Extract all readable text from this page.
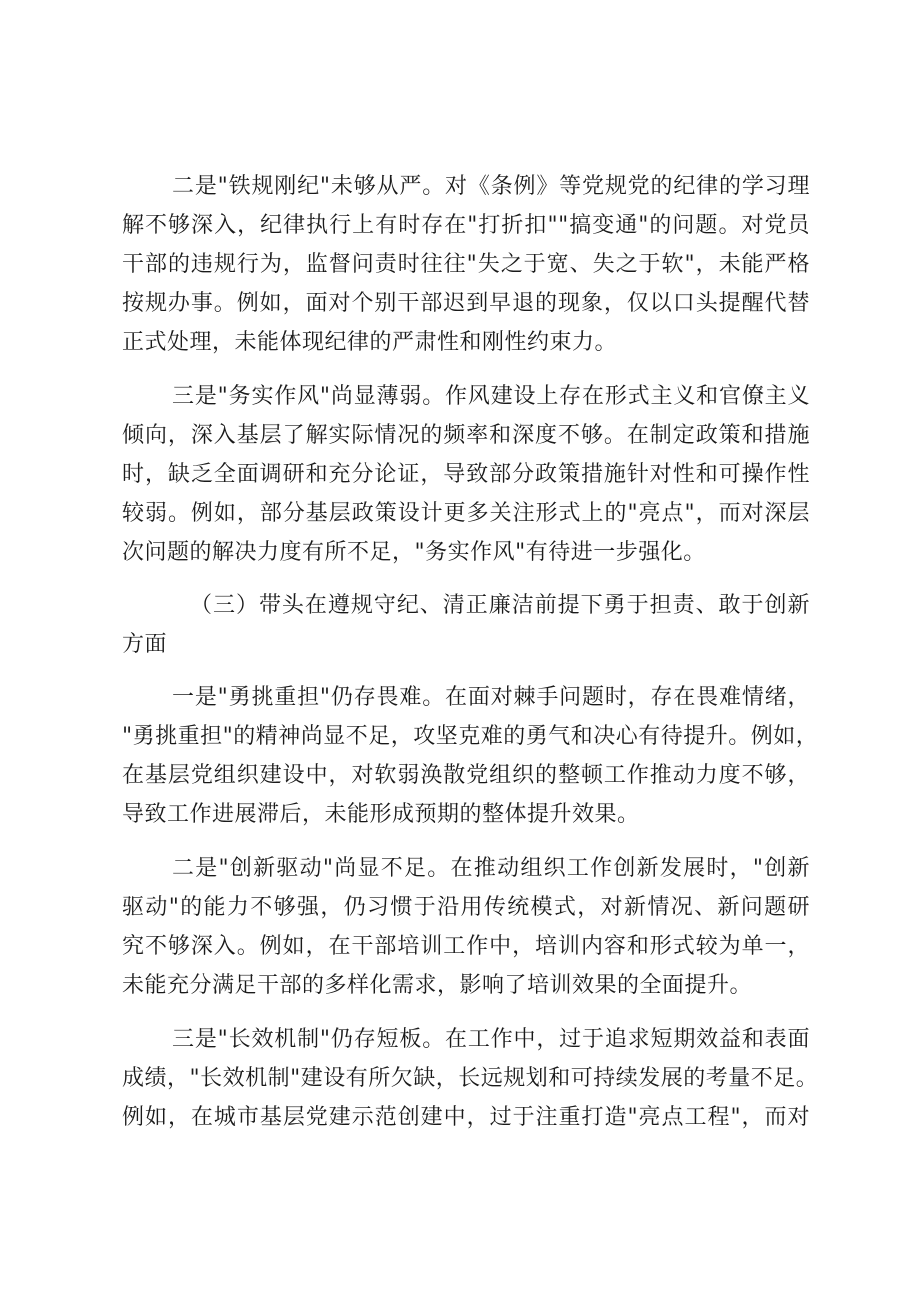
二是"铁规刚纪"未够从严。对《条例》等党规党的纪律的学习理
解不够深入，纪律执行上有时存在"打折扣""搞变通"的问题。对党员
干部的违规行为，监督问责时往往"失之于宽、失之于软"，未能严格
按规办事。例如，面对个别干部迟到早退的现象，仅以口头提醒代替
正式处理，未能体现纪律的严肃性和刚性约束力。
三是"务实作风"尚显薄弱。作风建设上存在形式主义和官僚主义
倾向，深入基层了解实际情况的频率和深度不够。在制定政策和措施
时，缺乏全面调研和充分论证，导致部分政策措施针对性和可操作性
较弱。例如，部分基层政策设计更多关注形式上的"亮点"，而对深层
次问题的解决力度有所不足，"务实作风"有待进一步强化。
（三）带头在遵规守纪、清正廉洁前提下勇于担责、敢于创新
方面
一是"勇挑重担"仍存畏难。在面对棘手问题时，存在畏难情绪，
"勇挑重担"的精神尚显不足，攻坚克难的勇气和决心有待提升。例如，
在基层党组织建设中，对软弱涣散党组织的整顿工作推动力度不够，
导致工作进展滞后，未能形成预期的整体提升效果。
二是"创新驱动"尚显不足。在推动组织工作创新发展时，"创新
驱动"的能力不够强，仍习惯于沿用传统模式，对新情况、新问题研
究不够深入。例如，在干部培训工作中，培训内容和形式较为单一，
未能充分满足干部的多样化需求，影响了培训效果的全面提升。
三是"长效机制"仍存短板。在工作中，过于追求短期效益和表面
成绩，"长效机制"建设有所欠缺，长远规划和可持续发展的考量不足。
例如，在城市基层党建示范创建中，过于注重打造"亮点工程"，而对
